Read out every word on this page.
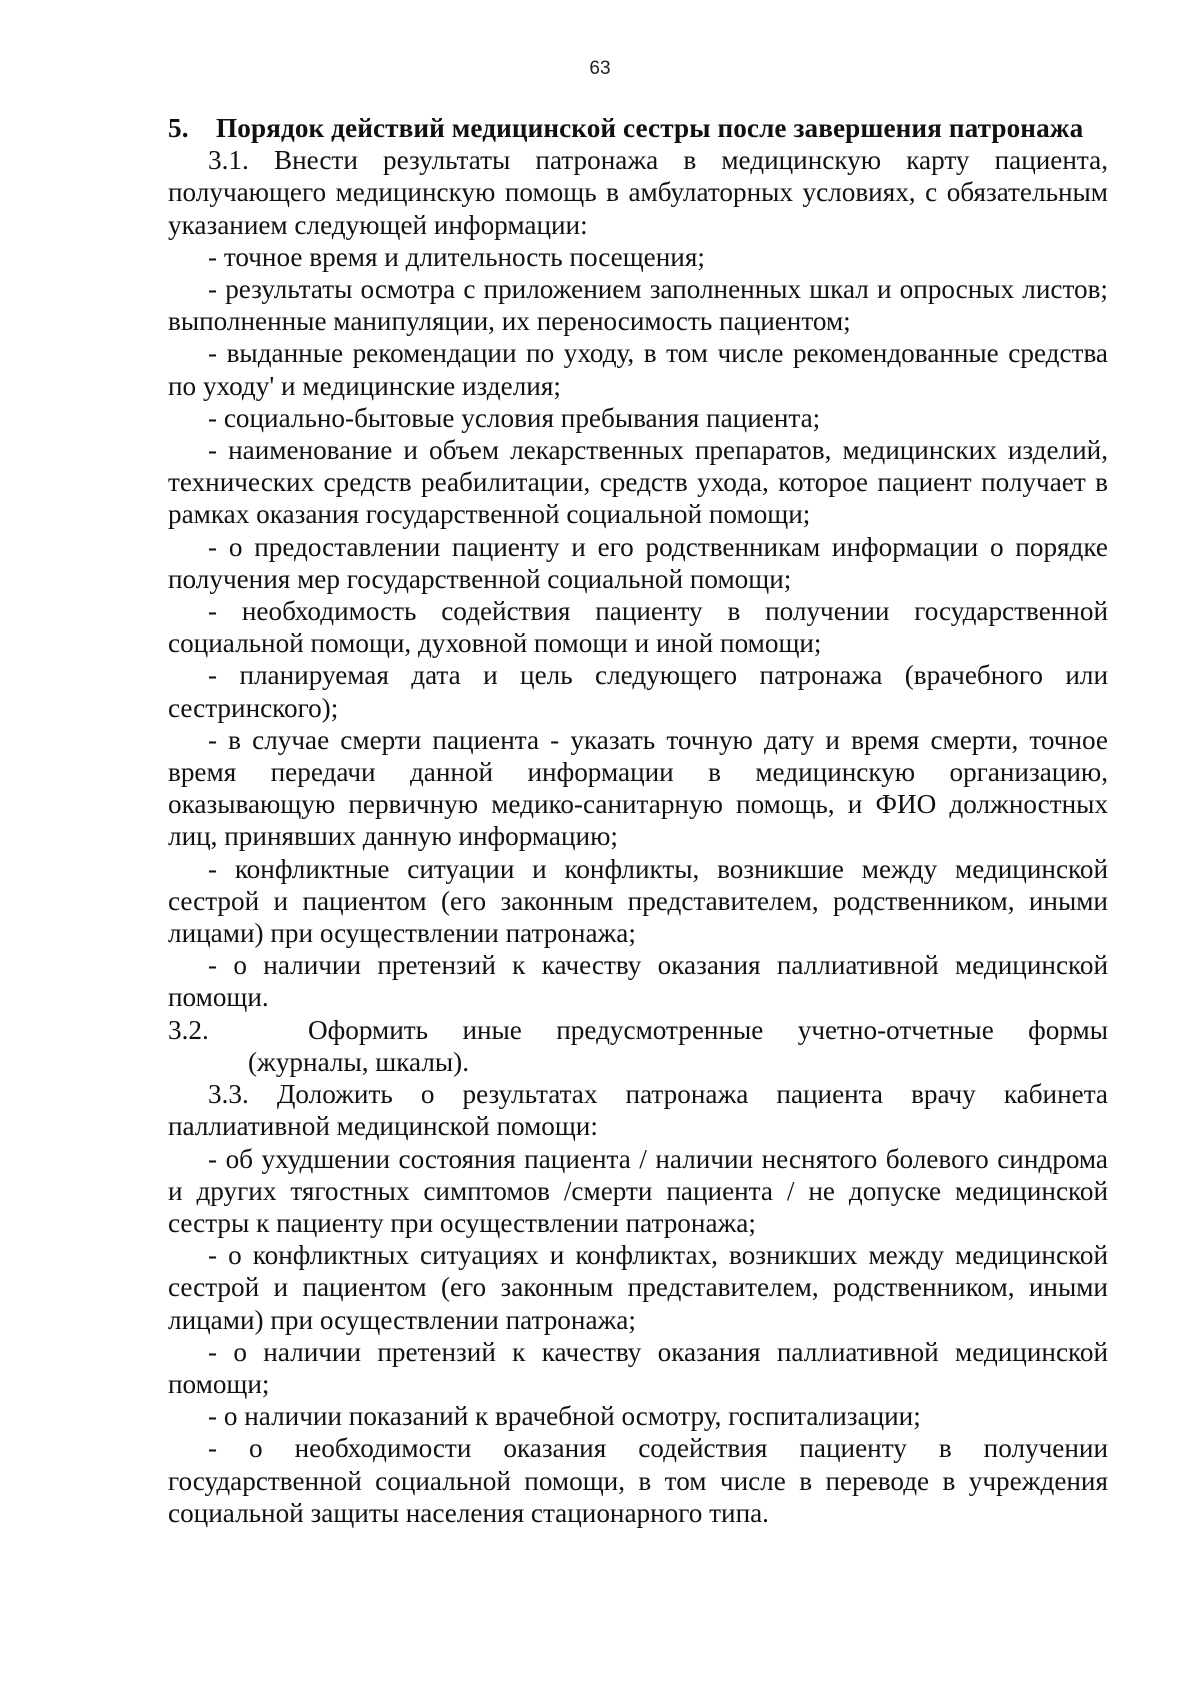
63

5. Порядок действий медицинской сестры после завершения патронажа

3.1. Внести результаты патронажа в медицинскую карту пациента, получающего медицинскую помощь в амбулаторных условиях, с обязательным указанием следующей информации:

- точное время и длительность посещения;

- результаты осмотра с приложением заполненных шкал и опросных листов; выполненные манипуляции, их переносимость пациентом;

- выданные рекомендации по уходу, в том числе рекомендованные средства по уходу' и медицинские изделия;

- социально-бытовые условия пребывания пациента;

- наименование и объем лекарственных препаратов, медицинских изделий, технических средств реабилитации, средств ухода, которое пациент получает в рамках оказания государственной социальной помощи;

- о предоставлении пациенту и его родственникам информации о порядке получения мер государственной социальной помощи;

- необходимость содействия пациенту в получении государственной социальной помощи, духовной помощи и иной помощи;

- планируемая дата и цель следующего патронажа (врачебного или сестринского);

- в случае смерти пациента - указать точную дату и время смерти, точное время передачи данной информации в медицинскую организацию, оказывающую первичную медико-санитарную помощь, и ФИО должностных лиц, принявших данную информацию;

- конфликтные ситуации и конфликты, возникшие между медицинской сестрой и пациентом (его законным представителем, родственником, иными лицами) при осуществлении патронажа;

- о наличии претензий к качеству оказания паллиативной медицинской помощи.

3.2.	Оформить иные предусмотренные учетно-отчетные формы (журналы, шкалы).

3.3. Доложить о результатах патронажа пациента врачу кабинета паллиативной медицинской помощи:

- об ухудшении состояния пациента / наличии неснятого болевого синдрома и других тягостных симптомов /смерти пациента / не допуске медицинской сестры к пациенту при осуществлении патронажа;

- о конфликтных ситуациях и конфликтах, возникших между медицинской сестрой и пациентом (его законным представителем, родственником, иными лицами) при осуществлении патронажа;

- о наличии претензий к качеству оказания паллиативной медицинской помощи;

- о наличии показаний к врачебной осмотру, госпитализации;

- о необходимости оказания содействия пациенту в получении государственной социальной помощи, в том числе в переводе в учреждения социальной защиты населения стационарного типа.
